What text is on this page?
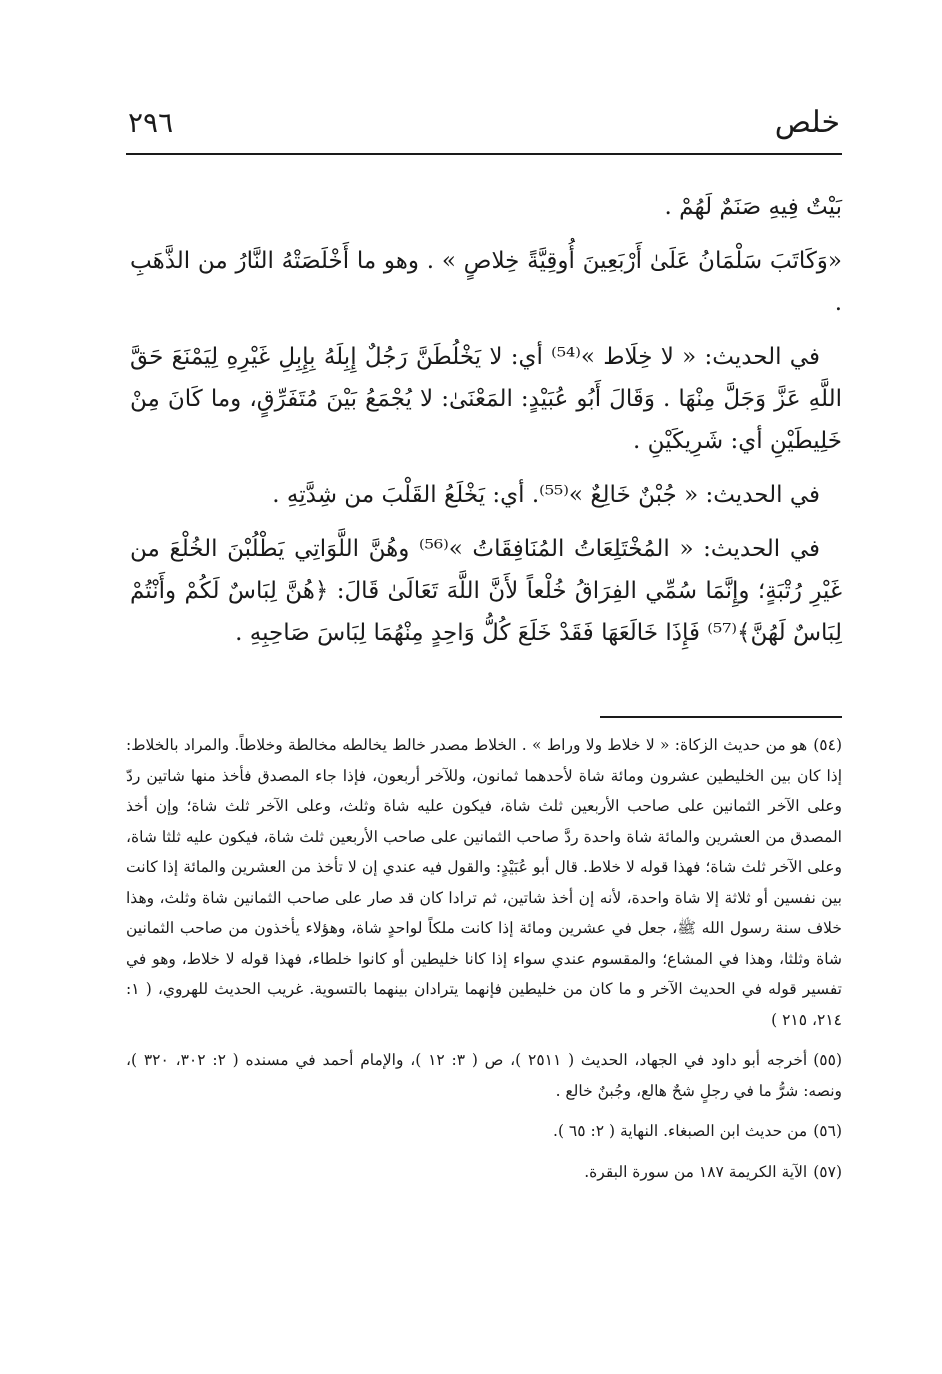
خلص
٢٩٦

بَيْتٌ فِيهِ صَنَمٌ لَهُمْ .

«وَكَاتَبَ سَلْمَانُ عَلَىٰ أَرْبَعِينَ أُوقِيَّةً خِلاصٍ » . وهو ما أَخْلَصَتْهُ النَّارُ من الذَّهَبِ .

في الحديث: « لا خِلَاط »⁽⁵⁴⁾ أي: لا يَخْلُطَنَّ رَجُلٌ إِبِلَهُ بِإِبِلِ غَيْرِهِ لِيَمْنَعَ حَقَّ اللَّهِ عَزَّ وَجَلَّ مِنْهَا . وَقَالَ أَبُو عُبَيْدٍ: المَعْنَىٰ: لا يُجْمَعُ بَيْنَ مُتَفَرِّقٍ، وما كَانَ مِنْ خَلِيطَيْنِ أي: شَرِيكَيْنِ .

في الحديث: « جُبْنٌ خَالِعٌ »⁽⁵⁵⁾. أي: يَخْلَعُ القَلْبَ من شِدَّتِهِ .

في الحديث: « المُخْتَلِعَاتُ المُنَافِقَاتُ »⁽⁵⁶⁾ وهُنَّ اللَّوَاتِي يَطْلُبْنَ الخُلْعَ من غَيْرِ رُتْبَةٍ؛ وإِنَّمَا سُمِّي الفِرَاقُ خُلْعاً لأَنَّ اللَّهَ تَعَالَىٰ قَالَ: ﴿هُنَّ لِبَاسٌ لَكُمْ وأَنْتُمْ لِبَاسٌ لَهُنَّ﴾⁽⁵⁷⁾ فَإِذَا خَالَعَهَا فَقَدْ خَلَعَ كُلُّ وَاحِدٍ مِنْهُمَا لِبَاسَ صَاحِبِهِ .

(٥٤)هو من حديث الزكاة: « لا خلاط ولا وراط » . الخلاط مصدر خالط يخالطه مخالطة وخلاطاً. والمراد بالخلاط: إذا كان بين الخليطين عشرون ومائة شاة لأحدهما ثمانون، وللآخر أربعون، فإذا جاء المصدق فأخذ منها شاتين ردّ وعلى الآخر الثمانين على صاحب الأربعين ثلث شاة، فيكون عليه شاة وثلث، وعلى الآخر ثلث شاة؛ وإن أخذ المصدق من العشرين والمائة شاة واحدة ردَّ صاحب الثمانين على صاحب الأربعين ثلث شاة، فيكون عليه ثلثا شاة، وعلى الآخر ثلث شاة؛ فهذا قوله لا خلاط. قال أبو عُبَيْدٍ: والقول فيه عندي إن لا تأخذ من العشرين والمائة إذا كانت بين نفسين أو ثلاثة إلا شاة واحدة، لأنه إن أخذ شاتين، ثم ترادا كان قد صار على صاحب الثمانين شاة وثلث، وهذا خلاف سنة رسول الله ﷺ، جعل في عشرين ومائة إذا كانت ملكاً لواحدٍ شاة، وهؤلاء يأخذون من صاحب الثمانين شاة وثلثا، وهذا في المشاع؛ والمقسوم عندي سواء إذا كانا خليطين أو كانوا خلطاء، فهذا قوله لا خلاط، وهو في تفسير قوله في الحديث الآخر و ما كان من خليطين فإنهما يترادان بينهما بالتسوية. غريب الحديث للهروي، ( ١: ٢١٤، ٢١٥ )

(٥٥)أخرجه أبو داود في الجهاد، الحديث ( ٢٥١١ )، ص ( ٣: ١٢ )، والإمام أحمد في مسنده ( ٢: ٣٠٢، ٣٢٠ )، ونصه: شرُّ ما في رجلٍ شحٌ هالع، وجُبنٌ خالع .

(٥٦)من حديث ابن الصبغاء. النهاية ( ٢: ٦٥ ).

(٥٧)الآية الكريمة ١٨٧ من سورة البقرة.
